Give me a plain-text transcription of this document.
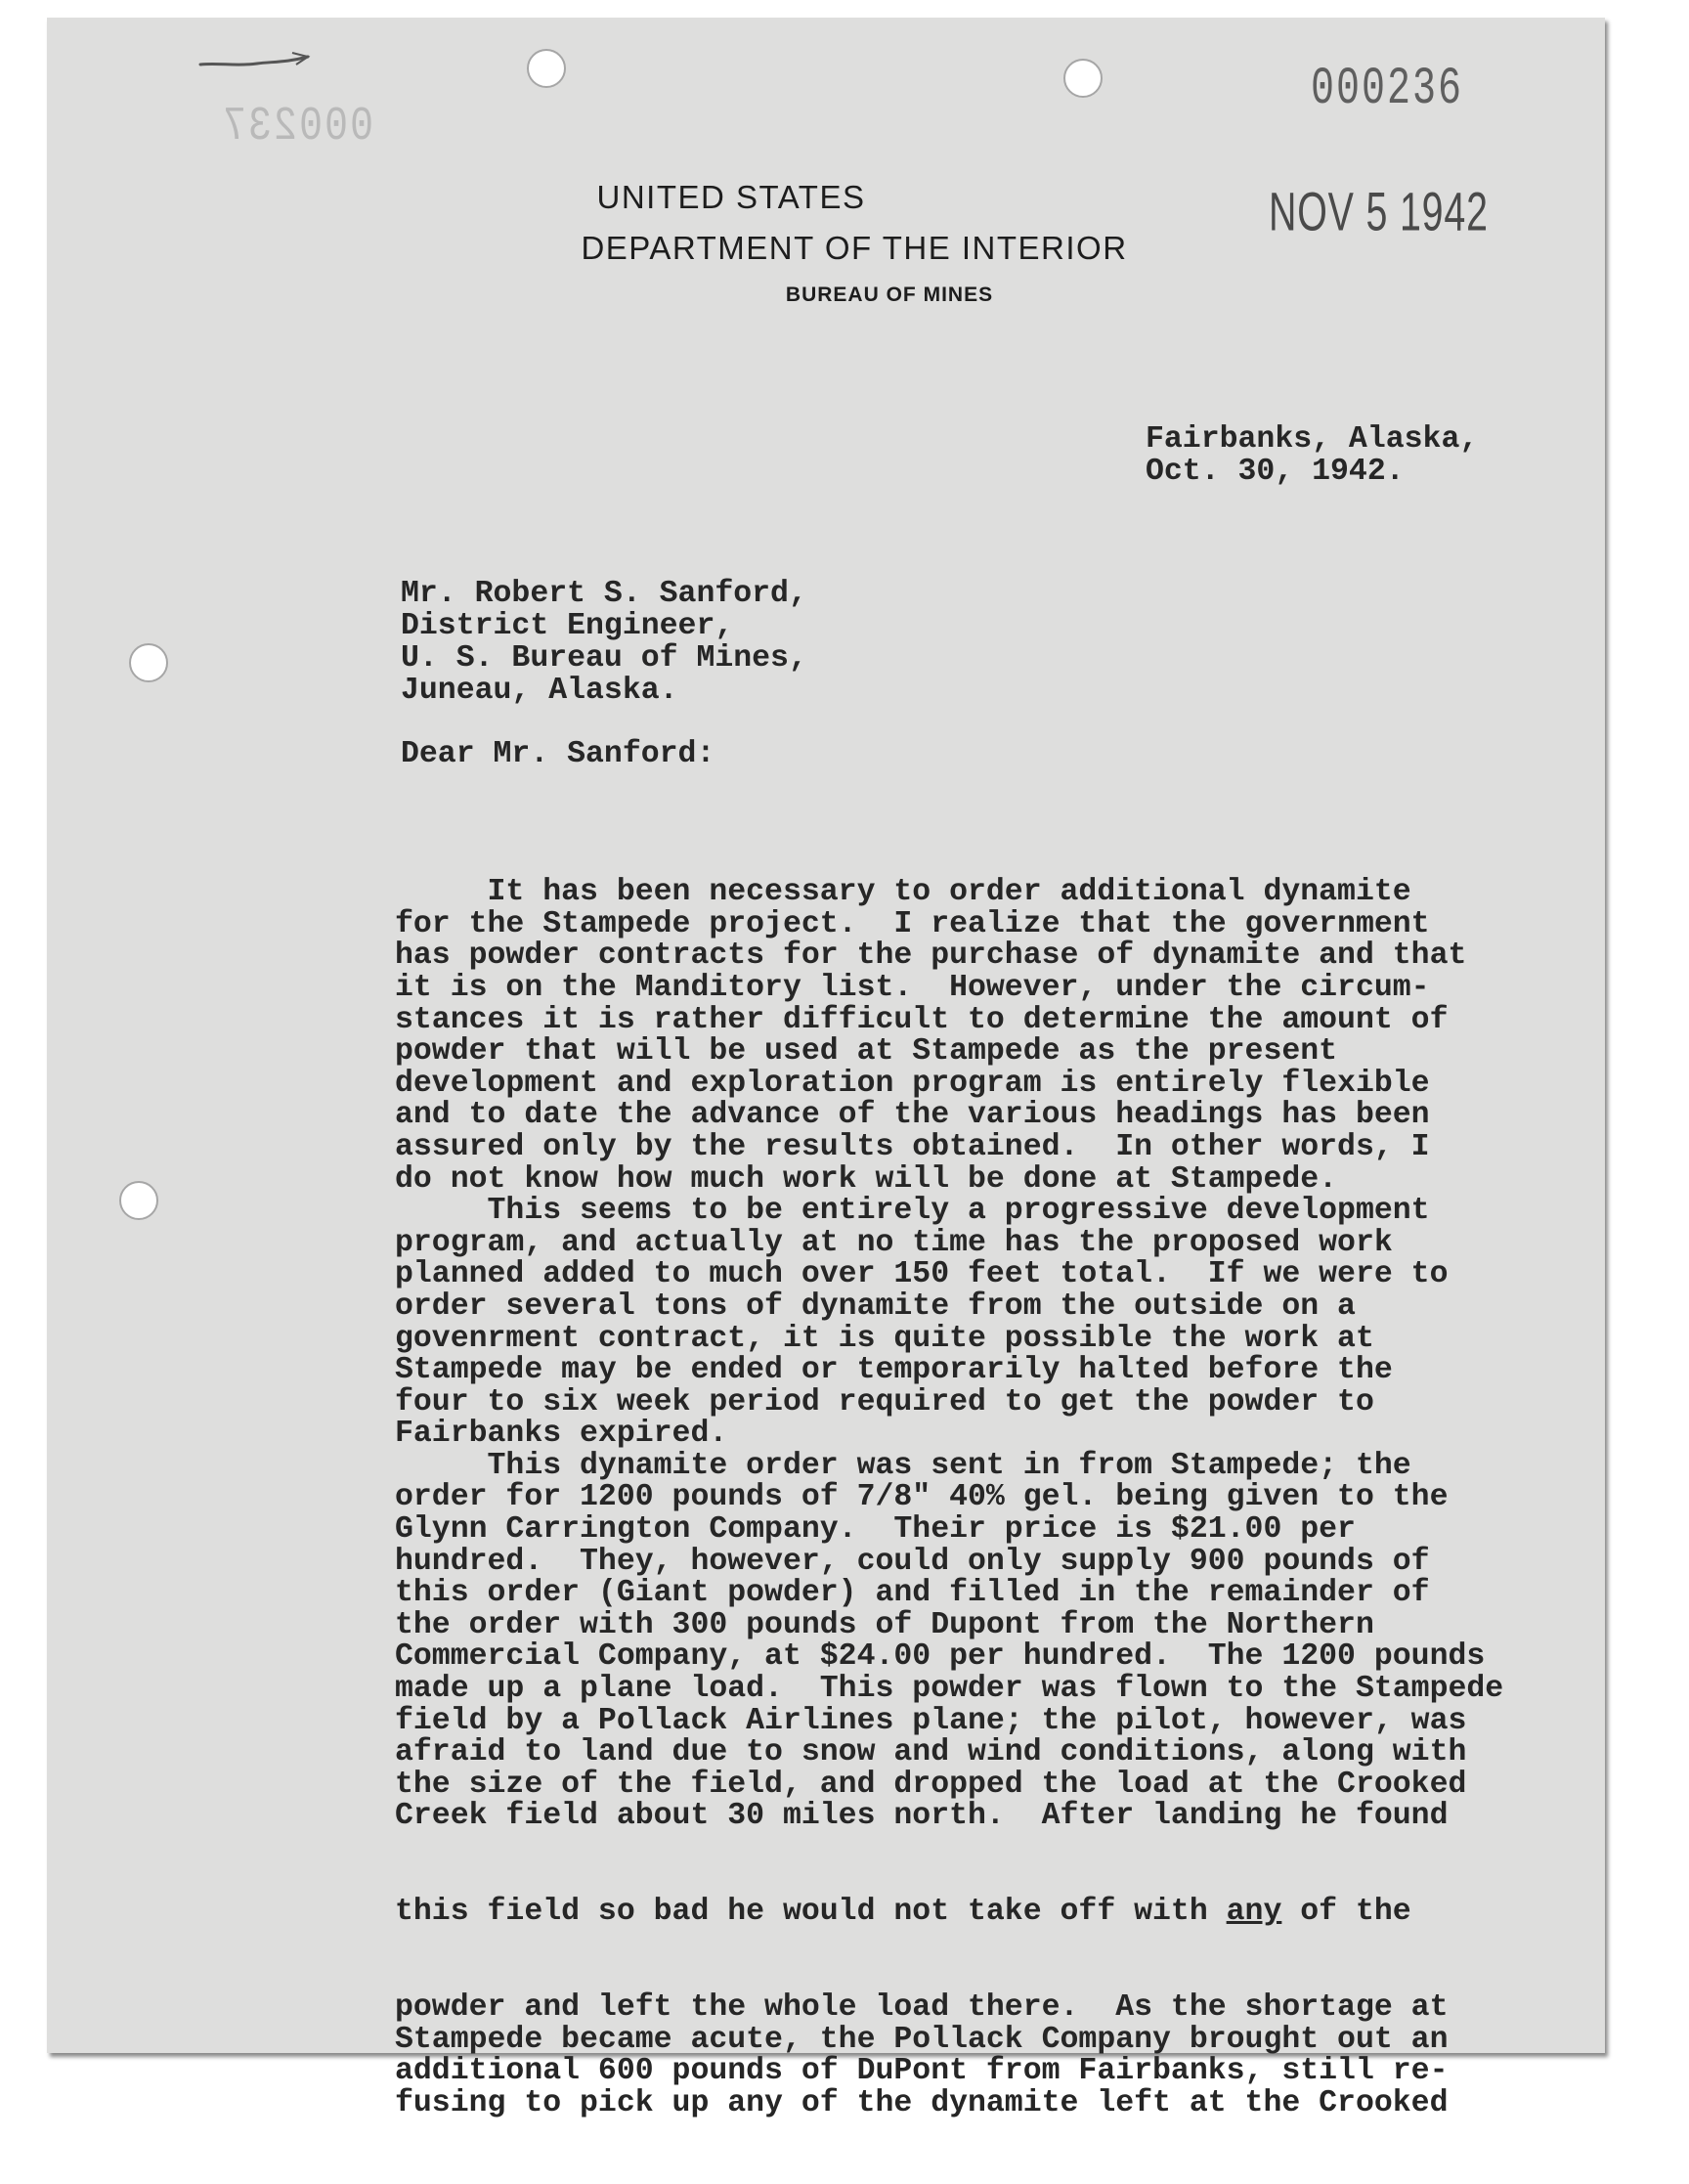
000236
000237
NOV 5 1942
UNITED STATES
DEPARTMENT OF THE INTERIOR
BUREAU OF MINES
Fairbanks, Alaska,
Oct. 30, 1942.
Mr. Robert S. Sanford,
District Engineer,
U. S. Bureau of Mines,
Juneau, Alaska.
Dear Mr. Sanford:

It has been necessary to order additional dynamite
for the Stampede project.  I realize that the government
has powder contracts for the purchase of dynamite and that
it is on the Manditory list.  However, under the circum-
stances it is rather difficult to determine the amount of
powder that will be used at Stampede as the present
development and exploration program is entirely flexible
and to date the advance of the various headings has been
assured only by the results obtained.  In other words, I
do not know how much work will be done at Stampede.
This seems to be entirely a progressive development
program, and actually at no time has the proposed work
planned added to much over 150 feet total.  If we were to
order several tons of dynamite from the outside on a
govenrment contract, it is quite possible the work at
Stampede may be ended or temporarily halted before the
four to six week period required to get the powder to
Fairbanks expired.
This dynamite order was sent in from Stampede; the
order for 1200 pounds of 7/8" 40% gel. being given to the
Glynn Carrington Company.  Their price is $21.00 per
hundred.  They, however, could only supply 900 pounds of
this order (Giant powder) and filled in the remainder of
the order with 300 pounds of Dupont from the Northern
Commercial Company, at $24.00 per hundred.  The 1200 pounds
made up a plane load.  This powder was flown to the Stampede
field by a Pollack Airlines plane; the pilot, however, was
afraid to land due to snow and wind conditions, along with
the size of the field, and dropped the load at the Crooked
Creek field about 30 miles north.  After landing he found

this field so bad he would not take off with any of the

powder and left the whole load there.  As the shortage at
Stampede became acute, the Pollack Company brought out an
additional 600 pounds of DuPont from Fairbanks, still re-
fusing to pick up any of the dynamite left at the Crooked
